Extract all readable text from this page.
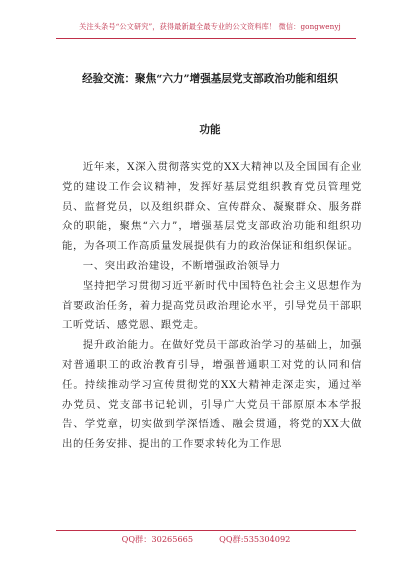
关注头条号“公文研究”，获得最新最全最专业的公文资料库！ 微信：gongwenyj
经验交流：聚焦“六力”增强基层党支部政治功能和组织
功能

近年来，X深入贯彻落实党的XX大精神以及全国国有企业党的建设工作会议精神，发挥好基层党组织教育党员管理党员、监督党员，以及组织群众、宣传群众、凝聚群众、服务群众的职能，聚焦“六力”，增强基层党支部政治功能和组织功能，为各项工作高质量发展提供有力的政治保证和组织保证。

一、突出政治建设，不断增强政治领导力

坚持把学习贯彻习近平新时代中国特色社会主义思想作为首要政治任务，着力提高党员政治理论水平，引导党员干部职工听党话、感党恩、跟党走。

提升政治能力。在做好党员干部政治学习的基础上，加强对普通职工的政治教育引导，增强普通职工对党的认同和信任。持续推动学习宣传贯彻党的XX大精神走深走实，通过举办党员、党支部书记轮训，引导广大党员干部原原本本学报告、学党章，切实做到学深悟透、融会贯通，将党的XX大做出的任务安排、提出的工作要求转化为工作思

QQ群：30265665	QQ群:535304092
